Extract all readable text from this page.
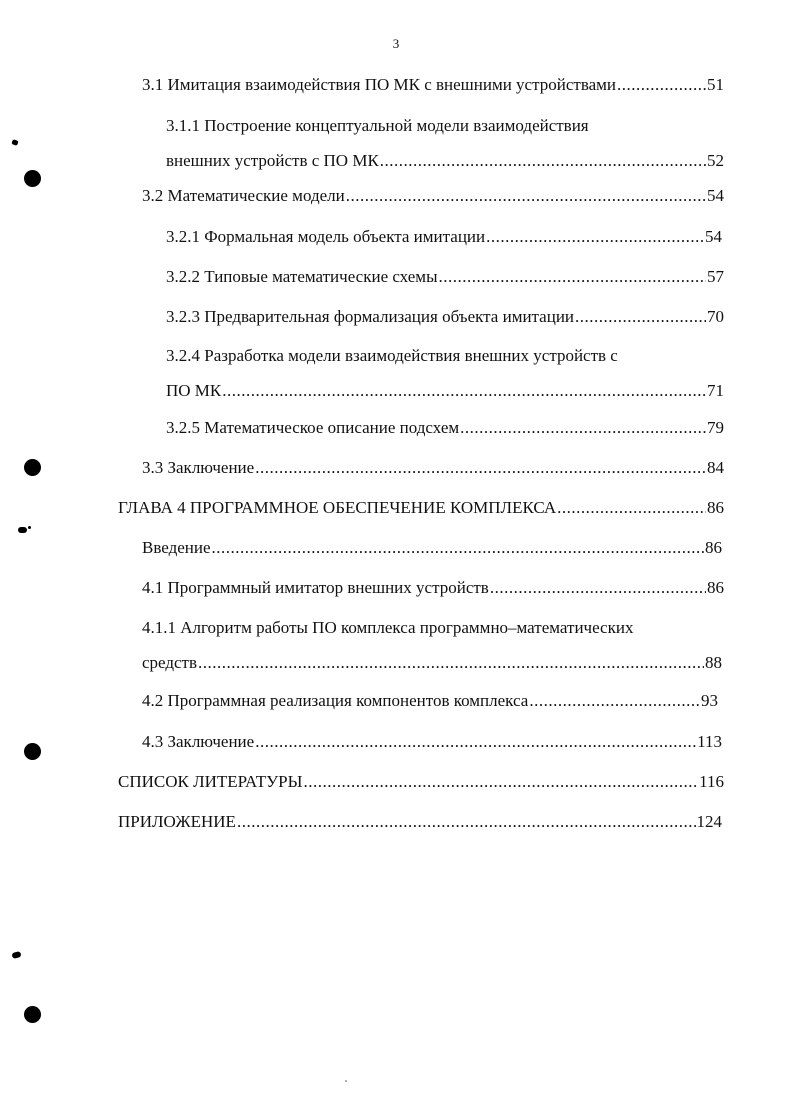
3
3.1 Имитация взаимодействия ПО МК с внешними устройствами .....	51
3.1.1 Построение концептуальной модели взаимодействия
внешних устройств с ПО МК .....	52
3.2 Математические модели .....	54
3.2.1 Формальная модель объекта имитации .....	54
3.2.2 Типовые математические схемы .....	57
3.2.3 Предварительная формализация объекта имитации .....	70
3.2.4 Разработка модели взаимодействия внешних устройств с
ПО МК .....	71
3.2.5 Математическое описание подсхем .....	79
3.3 Заключение .....	84
ГЛАВА 4 ПРОГРАММНОЕ ОБЕСПЕЧЕНИЕ КОМПЛЕКСА .....	86
Введение .....	86
4.1 Программный имитатор внешних устройств .....	86
4.1.1 Алгоритм работы ПО комплекса программно–математических
средств .....	88
4.2 Программная реализация компонентов комплекса .....	93
4.3 Заключение .....	113
СПИСОК ЛИТЕРАТУРЫ .....	116
ПРИЛОЖЕНИЕ .....	124
